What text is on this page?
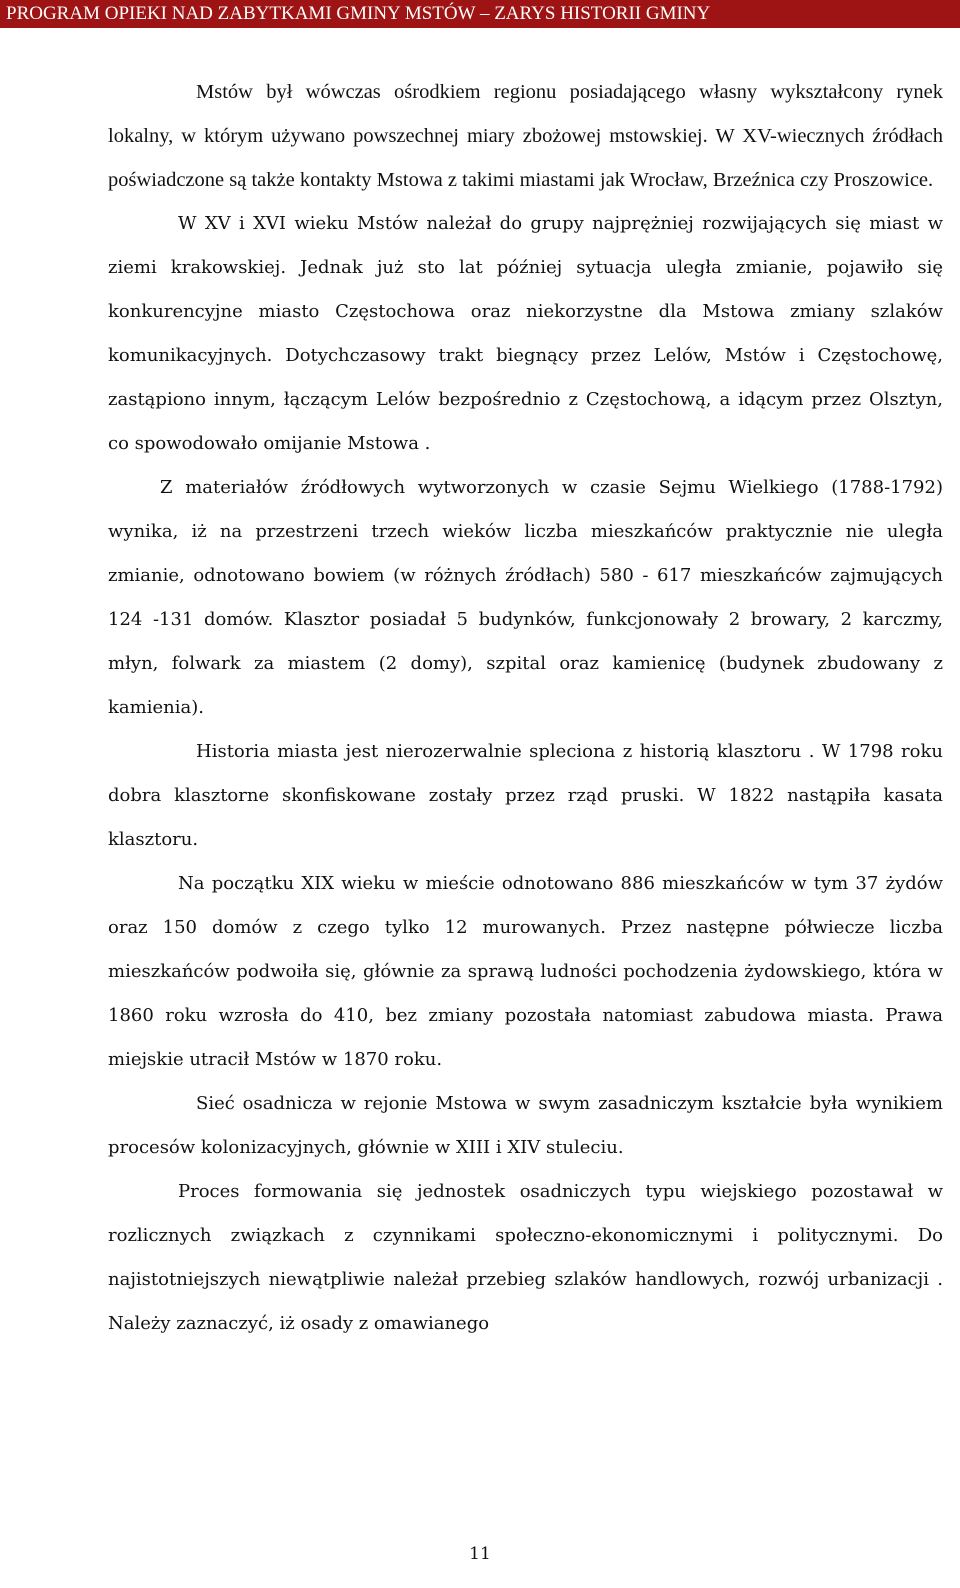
PROGRAM OPIEKI NAD ZABYTKAMI GMINY MSTÓW – ZARYS HISTORII GMINY

Mstów był wówczas ośrodkiem regionu posiadającego własny wykształcony rynek lokalny, w którym używano powszechnej miary zbożowej mstowskiej. W XV-wiecznych źródłach poświadczone są także kontakty Mstowa z takimi miastami jak Wrocław, Brzeźnica czy Proszowice.

W XV i XVI wieku Mstów należał do grupy najprężniej rozwijających się miast w ziemi krakowskiej. Jednak już sto lat później sytuacja uległa zmianie, pojawiło się konkurencyjne miasto Częstochowa oraz niekorzystne dla Mstowa zmiany szlaków komunikacyjnych. Dotychczasowy trakt biegnący przez Lelów, Mstów i Częstochowę, zastąpiono innym, łączącym Lelów bezpośrednio z Częstochową, a idącym przez Olsztyn, co spowodowało omijanie Mstowa .

Z materiałów źródłowych wytworzonych w czasie Sejmu Wielkiego (1788-1792) wynika, iż na przestrzeni trzech wieków liczba mieszkańców praktycznie nie uległa zmianie, odnotowano bowiem (w różnych źródłach) 580 - 617 mieszkańców zajmujących 124 -131 domów. Klasztor posiadał 5 budynków, funkcjonowały 2 browary, 2 karczmy, młyn, folwark za miastem (2 domy), szpital oraz kamienicę (budynek zbudowany z kamienia).

Historia miasta jest nierozerwalnie spleciona z historią klasztoru . W 1798 roku dobra klasztorne skonfiskowane zostały przez rząd pruski. W 1822 nastąpiła kasata klasztoru.

Na początku XIX wieku w mieście odnotowano 886 mieszkańców w tym 37 żydów oraz 150 domów z czego tylko 12 murowanych. Przez następne półwiecze liczba mieszkańców podwoiła się, głównie za sprawą ludności pochodzenia żydowskiego, która w 1860 roku wzrosła do 410, bez zmiany pozostała natomiast zabudowa miasta. Prawa miejskie utracił Mstów w 1870 roku.

Sieć osadnicza w rejonie Mstowa w swym zasadniczym kształcie była wynikiem procesów kolonizacyjnych, głównie w XIII i XIV stuleciu.

Proces formowania się jednostek osadniczych typu wiejskiego pozostawał w rozlicznych związkach z czynnikami społeczno-ekonomicznymi i politycznymi. Do najistotniejszych niewątpliwie należał przebieg szlaków handlowych, rozwój urbanizacji . Należy zaznaczyć, iż osady z omawianego

11
